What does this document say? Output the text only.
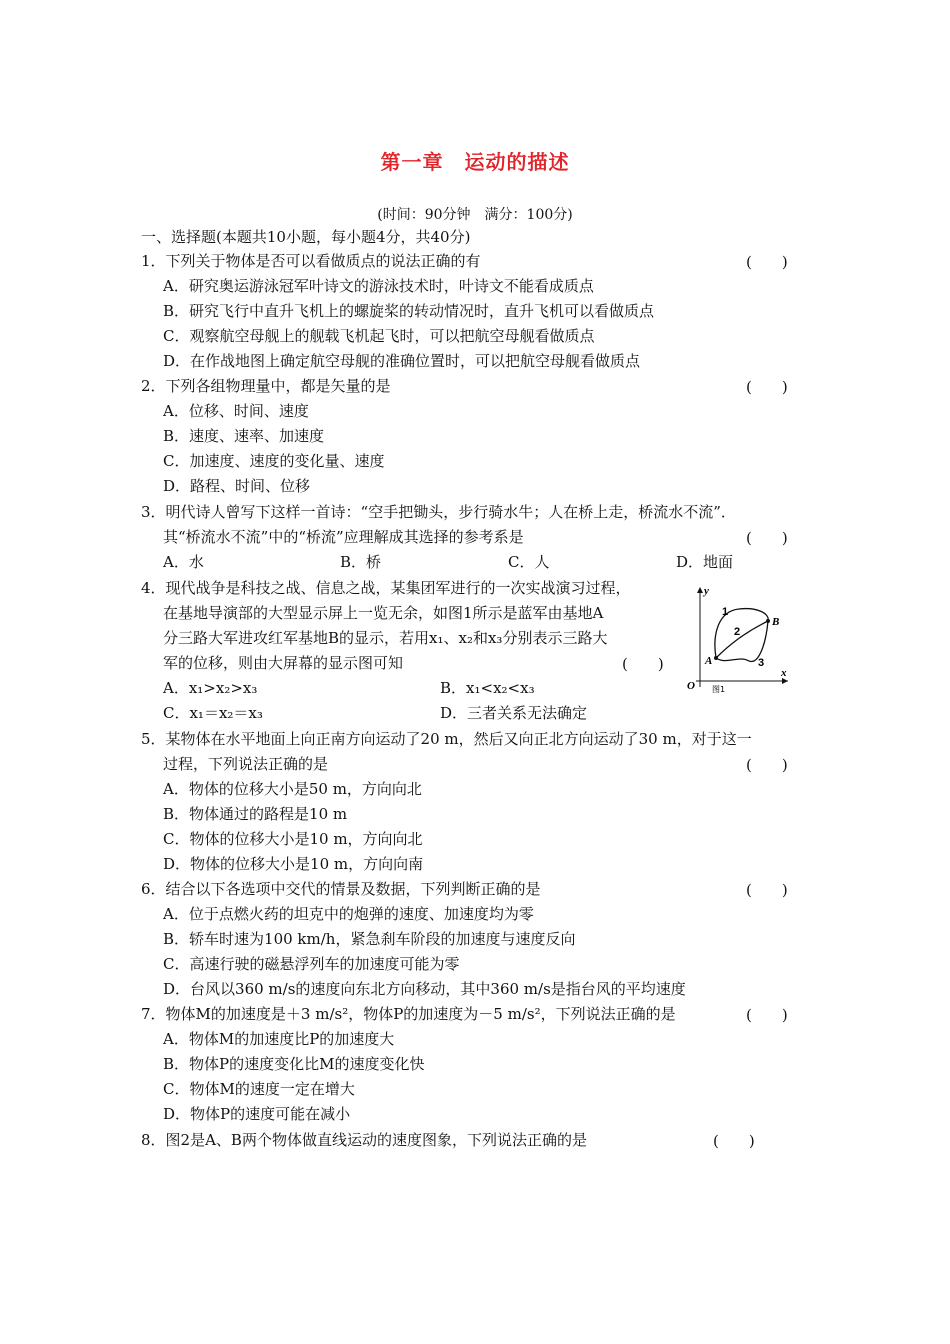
第一章　运动的描述
(时间：90分钟　满分：100分)
一、选择题(本题共10小题，每小题4分，共40分)
1．下列关于物体是否可以看做质点的说法正确的有	(　　)
A．研究奥运游泳冠军叶诗文的游泳技术时，叶诗文不能看成质点
B．研究飞行中直升飞机上的螺旋桨的转动情况时，直升飞机可以看做质点
C．观察航空母舰上的舰载飞机起飞时，可以把航空母舰看做质点
D．在作战地图上确定航空母舰的准确位置时，可以把航空母舰看做质点
2．下列各组物理量中，都是矢量的是	(　　)
A．位移、时间、速度
B．速度、速率、加速度
C．加速度、速度的变化量、速度
D．路程、时间、位移
3．明代诗人曾写下这样一首诗：“空手把锄头，步行骑水牛；人在桥上走，桥流水不流”．
其“桥流水不流”中的“桥流”应理解成其选择的参考系是	(　　)
A．水	B．桥	C．人	D．地面
4．现代战争是科技之战、信息之战，某集团军进行的一次实战演习过程，
在基地导演部的大型显示屏上一览无余，如图1所示是蓝军由基地A
分三路大军进攻红军基地B的显示，若用x₁、x₂和x₃分别表示三路大
军的位移，则由大屏幕的显示图可知	(　　)
A．x₁>x₂>x₃	B．x₁<x₂<x₃
C．x₁＝x₂＝x₃	D．三者关系无法确定
y
x
O
A
B
1
2
3
图1
5．某物体在水平地面上向正南方向运动了20 m，然后又向正北方向运动了30 m，对于这一
过程，下列说法正确的是	(　　)
A．物体的位移大小是50 m，方向向北
B．物体通过的路程是10 m
C．物体的位移大小是10 m，方向向北
D．物体的位移大小是10 m，方向向南
6．结合以下各选项中交代的情景及数据，下列判断正确的是	(　　)
A．位于点燃火药的坦克中的炮弹的速度、加速度均为零
B．轿车时速为100 km/h，紧急刹车阶段的加速度与速度反向
C．高速行驶的磁悬浮列车的加速度可能为零
D．台风以360 m/s的速度向东北方向移动，其中360 m/s是指台风的平均速度
7．物体M的加速度是＋3 m/s²，物体P的加速度为－5 m/s²，下列说法正确的是	(　　)
A．物体M的加速度比P的加速度大
B．物体P的速度变化比M的速度变化快
C．物体M的速度一定在增大
D．物体P的速度可能在减小
8．图2是A、B两个物体做直线运动的速度图象，下列说法正确的是	(　　)
